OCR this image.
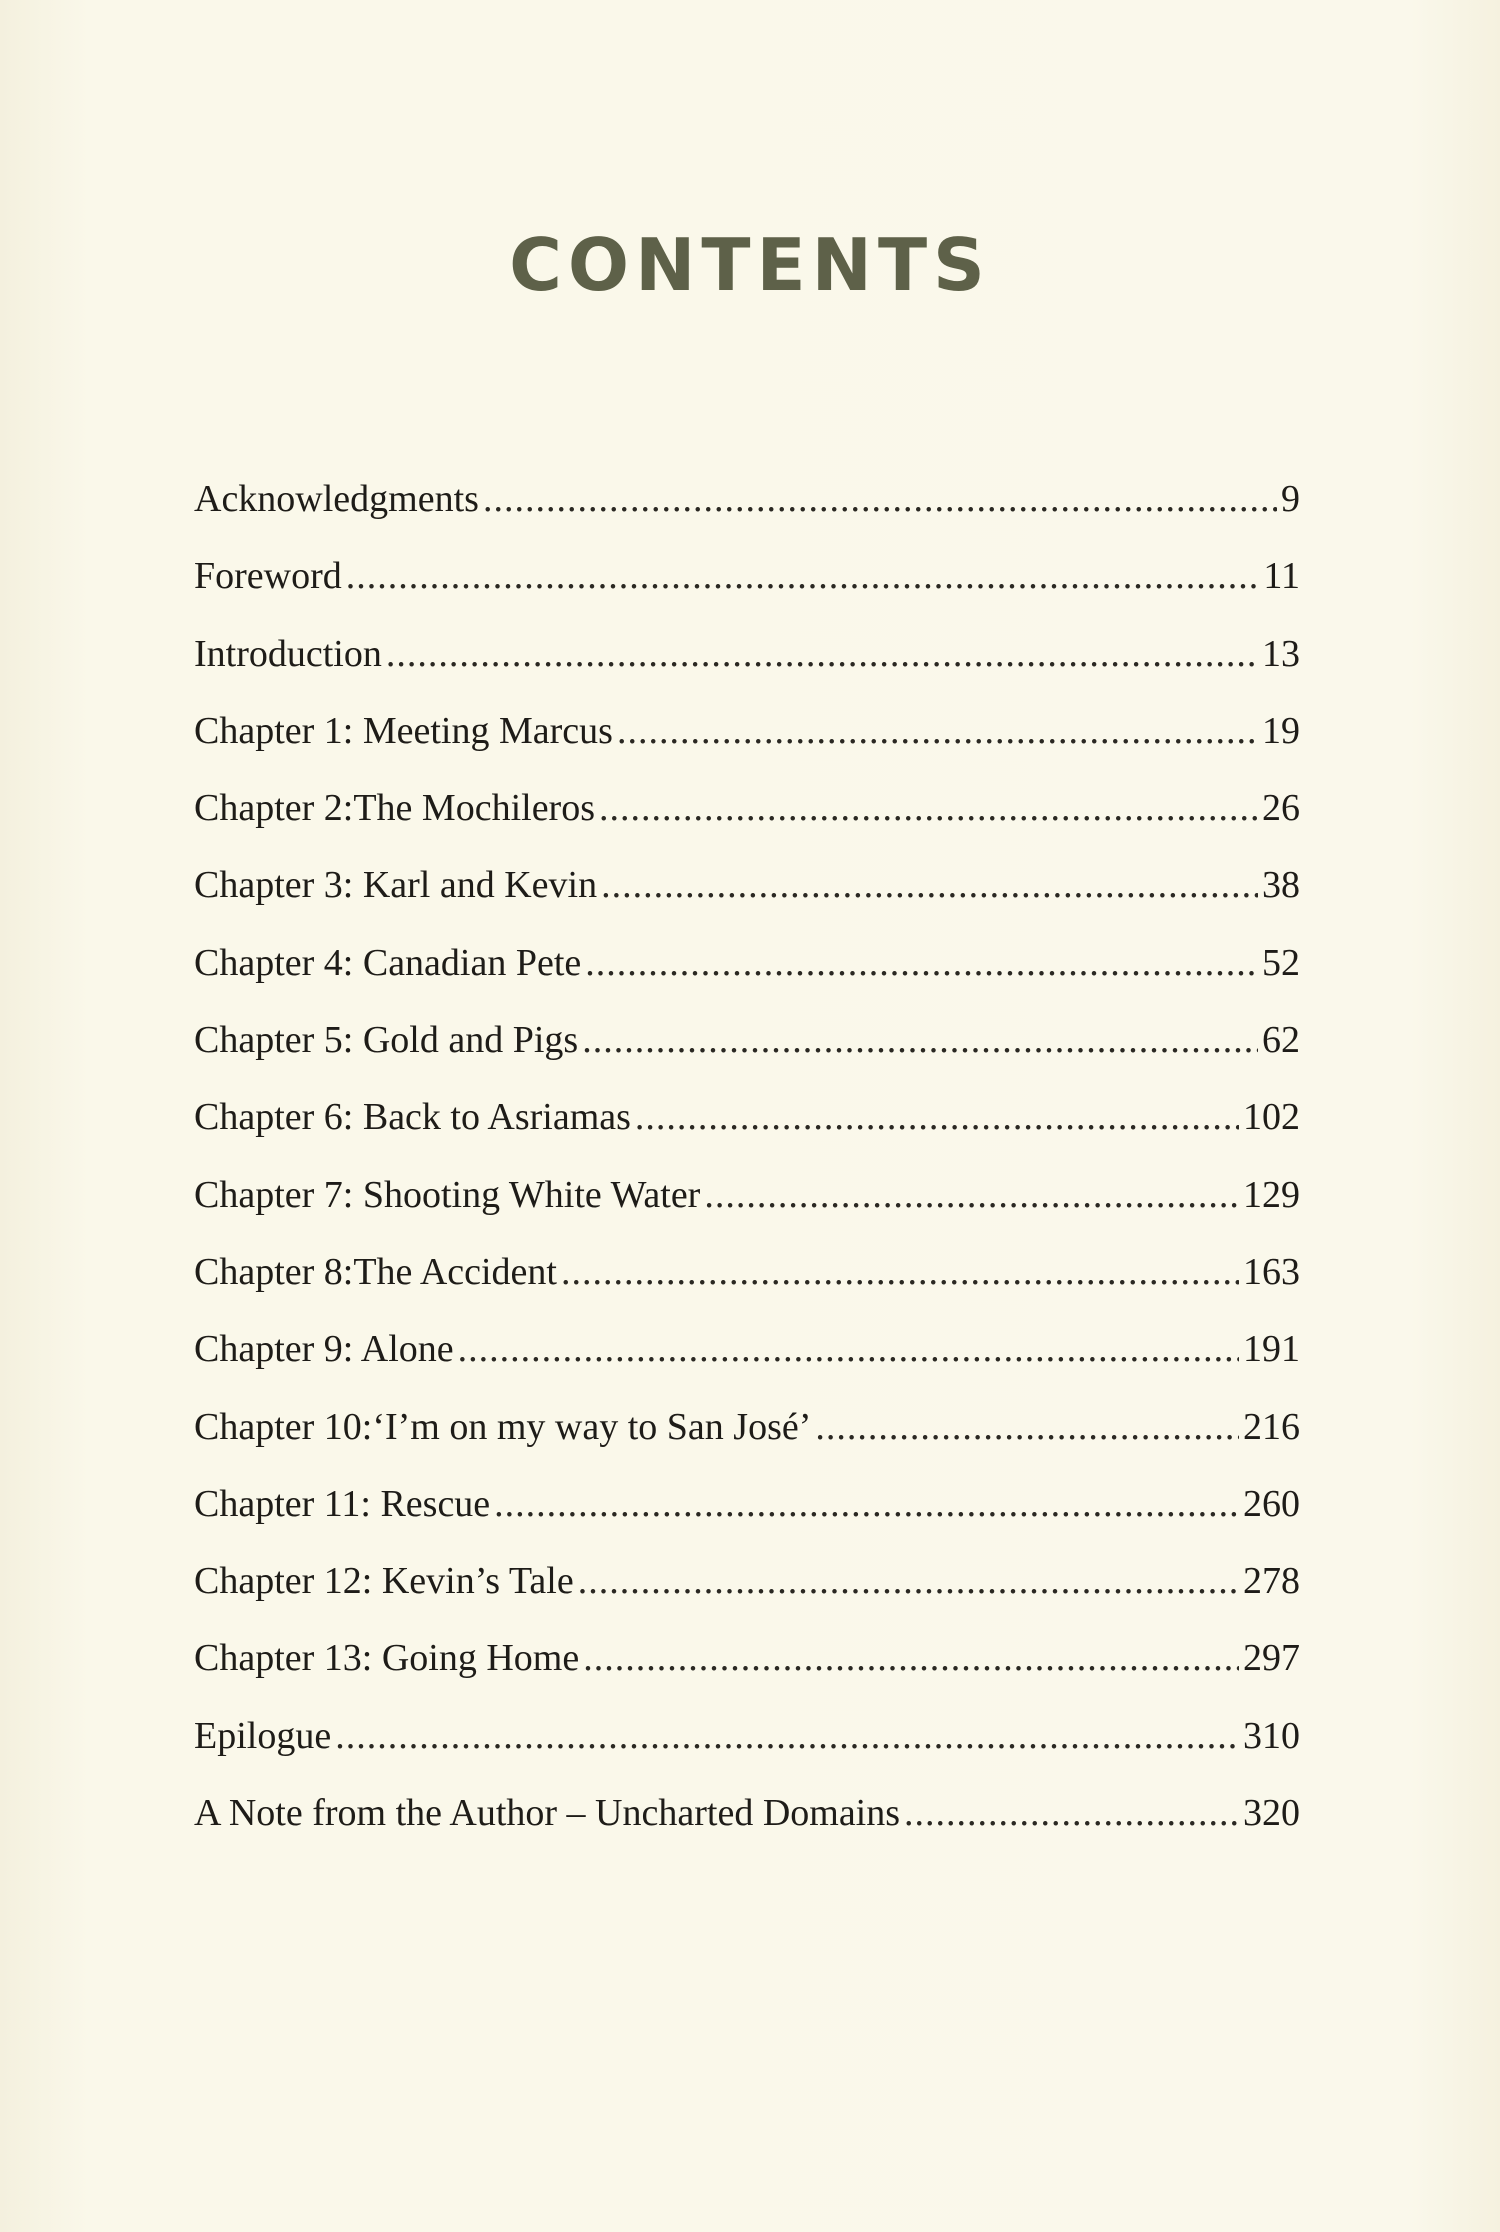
CONTENTS
Acknowledgments .....	9
Foreword .....	11
Introduction .....	13
Chapter 1: Meeting Marcus .....	19
Chapter 2:The Mochileros .....	26
Chapter 3: Karl and Kevin .....	38
Chapter 4: Canadian Pete .....	52
Chapter 5: Gold and Pigs .....	62
Chapter 6: Back to Asriamas .....	102
Chapter 7: Shooting White Water .....	129
Chapter 8:The Accident .....	163
Chapter 9: Alone .....	191
Chapter 10:‘I’m on my way to San José’ .....	216
Chapter 11: Rescue .....	260
Chapter 12: Kevin’s Tale .....	278
Chapter 13: Going Home .....	297
Epilogue .....	310
A Note from the Author – Uncharted Domains .....	320
